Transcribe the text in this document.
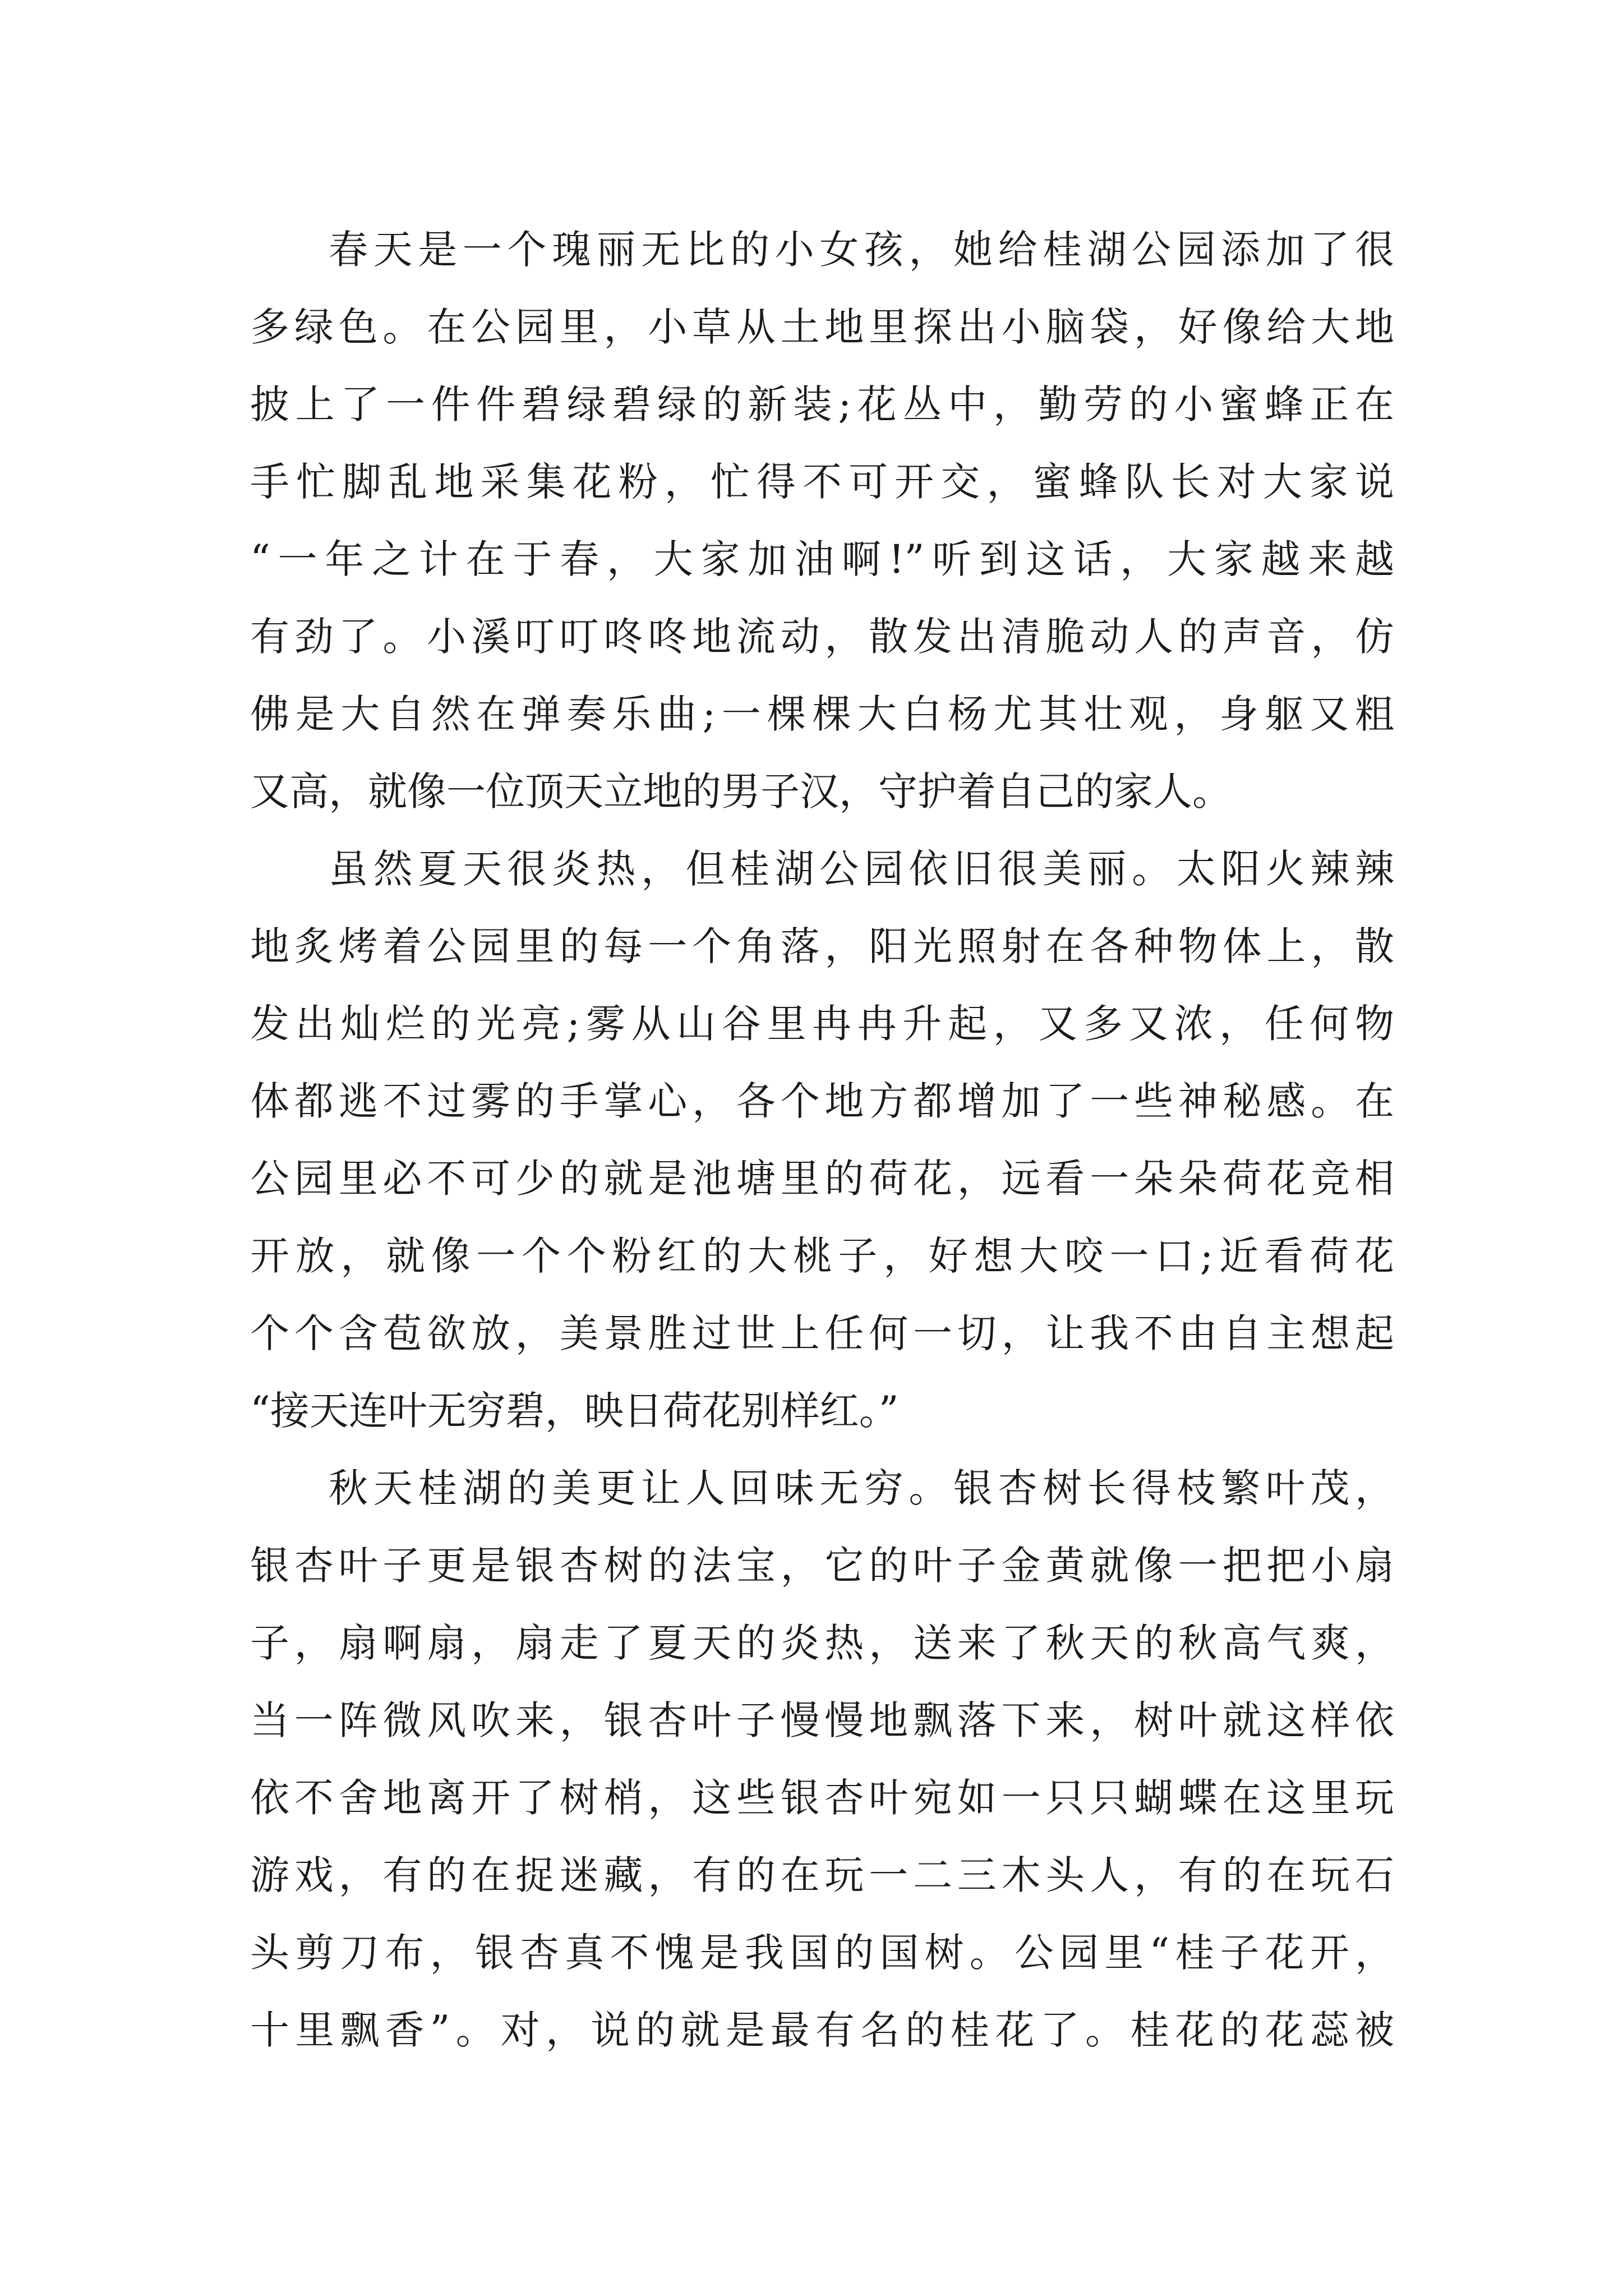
春天是一个瑰丽无比的小女孩，她给桂湖公园添加了很
多绿色。在公园里，小草从土地里探出小脑袋，好像给大地
披上了一件件碧绿碧绿的新装;花丛中，勤劳的小蜜蜂正在
手忙脚乱地采集花粉，忙得不可开交，蜜蜂队长对大家说
“一年之计在于春，大家加油啊!”听到这话，大家越来越
有劲了。小溪叮叮咚咚地流动，散发出清脆动人的声音，仿
佛是大自然在弹奏乐曲;一棵棵大白杨尤其壮观，身躯又粗
又高，就像一位顶天立地的男子汉，守护着自己的家人。
虽然夏天很炎热，但桂湖公园依旧很美丽。太阳火辣辣
地炙烤着公园里的每一个角落，阳光照射在各种物体上，散
发出灿烂的光亮;雾从山谷里冉冉升起，又多又浓，任何物
体都逃不过雾的手掌心，各个地方都增加了一些神秘感。在
公园里必不可少的就是池塘里的荷花，远看一朵朵荷花竞相
开放，就像一个个粉红的大桃子，好想大咬一口;近看荷花
个个含苞欲放，美景胜过世上任何一切，让我不由自主想起
“接天连叶无穷碧，映日荷花别样红。”
秋天桂湖的美更让人回味无穷。银杏树长得枝繁叶茂，
银杏叶子更是银杏树的法宝，它的叶子金黄就像一把把小扇
子，扇啊扇，扇走了夏天的炎热，送来了秋天的秋高气爽，
当一阵微风吹来，银杏叶子慢慢地飘落下来，树叶就这样依
依不舍地离开了树梢，这些银杏叶宛如一只只蝴蝶在这里玩
游戏，有的在捉迷藏，有的在玩一二三木头人，有的在玩石
头剪刀布，银杏真不愧是我国的国树。公园里“桂子花开，
十里飘香”。对，说的就是最有名的桂花了。桂花的花蕊被
